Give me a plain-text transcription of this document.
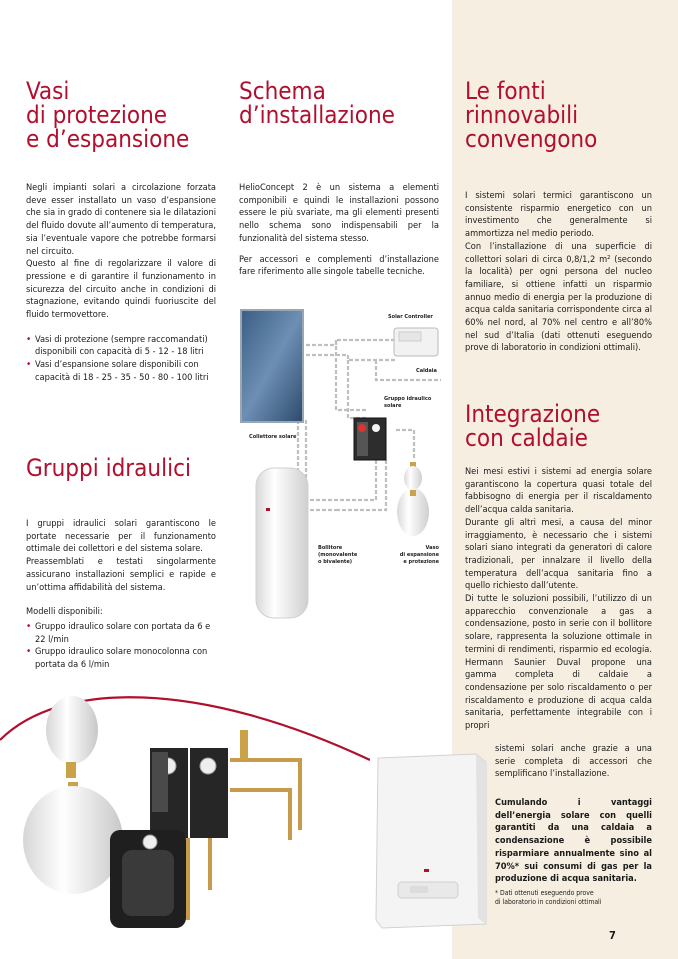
Vasi
di protezione
e d’espansione

Negli impianti solari a circolazione forzata deve esser installato un vaso d’espansione che sia in grado di contenere sia le dilatazioni del fluido dovute all’aumento di temperatura, sia l’eventuale vapore che potrebbe formarsi nel circuito.

Questo al fine di regolarizzare il valore di pressione e di garantire il funzionamento in sicurezza del circuito anche in condizioni di stagnazione, evitando quindi fuoriuscite del fluido termovettore.

• Vasi di protezione (sempre raccomandati) disponibili con capacità di 5 - 12 - 18 litri
• Vasi d’espansione solare disponibili con capacità di 18 - 25 - 35 - 50 - 80 - 100 litri
Gruppi idraulici

I gruppi idraulici solari garantiscono le portate necessarie per il funzionamento ottimale dei collettori e del sistema solare.

Preassemblati e testati singolarmente assicurano installazioni semplici e rapide e un’ottima affidabilità del sistema.

Modelli disponibili:

• Gruppo idraulico solare con portata da 6 e 22 l/min
• Gruppo idraulico solare monocolonna con portata da 6 l/min
Schema
d’installazione

HelioConcept 2 è un sistema a elementi componibili e quindi le installazioni possono essere le più svariate, ma gli elementi presenti nello schema sono indispensabili per la funzionalità del sistema stesso.

Per accessori e complementi d’installazione fare riferimento alle singole tabelle tecniche.

Solar Controller
Caldaia
Gruppo idraulico
solare
Collettore solare
Bollitore
(monovalente
o bivalente)
Vaso
di espansione
e protezione
Le fonti
rinnovabili
convengono

I sistemi solari termici garantiscono un consistente risparmio energetico con un investimento che generalmente si ammortizza nel medio periodo.

Con l’installazione di una superficie di collettori solari di circa 0,8/1,2 m² (secondo la località) per ogni persona del nucleo familiare, si ottiene infatti un risparmio annuo medio di energia per la produzione di acqua calda sanitaria corrispondente circa al 60% nel nord, al 70% nel centro e all’80% nel sud d’Italia (dati ottenuti eseguendo prove di laboratorio in condizioni ottimali).

Integrazione
con caldaie

Nei mesi estivi i sistemi ad energia solare garantiscono la copertura quasi totale del fabbisogno di energia per il riscaldamento dell’acqua calda sanitaria.

Durante gli altri mesi, a causa del minor irraggiamento, è necessario che i sistemi solari siano integrati da generatori di calore tradizionali, per innalzare il livello della temperatura dell’acqua sanitaria fino a quello richiesto dall’utente.

Di tutte le soluzioni possibili, l’utilizzo di un apparecchio convenzionale a gas a condensazione, posto in serie con il bollitore solare, rappresenta la soluzione ottimale in termini di rendimenti, risparmio ed ecologia. Hermann Saunier Duval propone una gamma completa di caldaie a condensazione per solo riscaldamento o per riscaldamento e produzione di acqua calda sanitaria, perfettamente integrabile con i propri

sistemi solari anche grazie a una serie completa di accessori che semplificano l’installazione.
Cumulando i vantaggi dell’energia solare con quelli garantiti da una caldaia a condensazione è possibile risparmiare annualmente sino al 70%* sui consumi di gas per la produzione di acqua sanitaria.
* Dati ottenuti eseguendo prove
di laboratorio in condizioni ottimali
7
